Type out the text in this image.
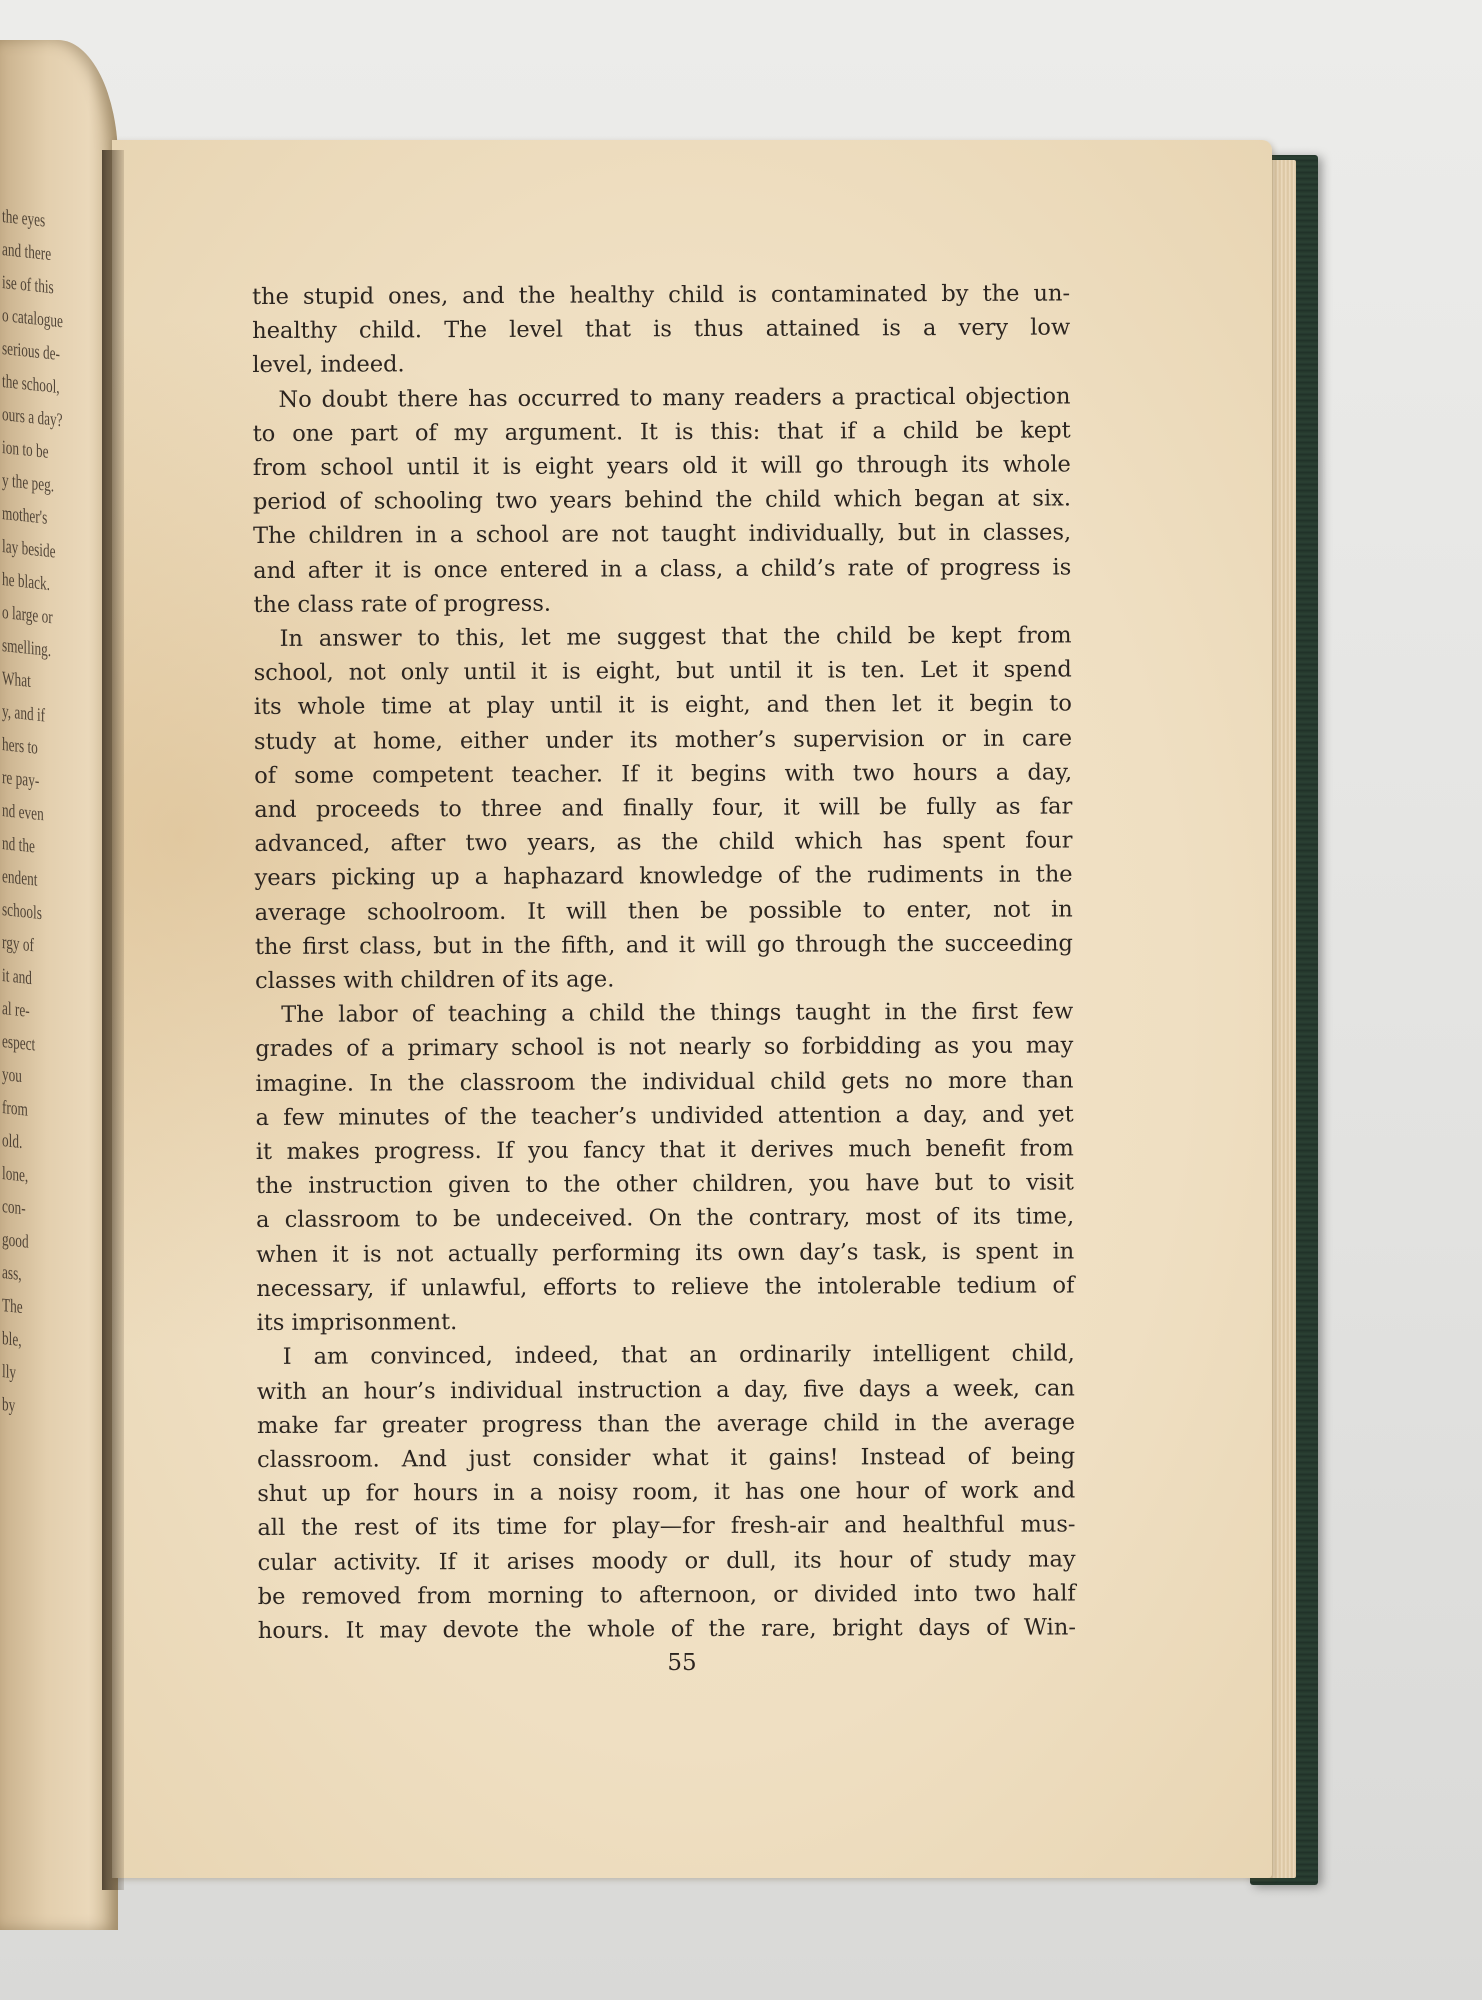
the eyes
and there
ise of this
o catalogue
serious de-
the school,
ours a day?
ion to be
y the peg.
mother's
lay beside
he black.
o large or
smelling.
What
y, and if
hers to
re pay-
nd even
nd the
endent
schools
rgy of
it and
al re-
espect
you
from
old.
lone,
con-
good
ass,
The
ble,
lly
by
the stupid ones, and the healthy child is contaminated by the un-
healthy child. The level that is thus attained is a very low
level, indeed.
No doubt there has occurred to many readers a practical objection
to one part of my argument. It is this: that if a child be kept
from school until it is eight years old it will go through its whole
period of schooling two years behind the child which began at six.
The children in a school are not taught individually, but in classes,
and after it is once entered in a class, a child’s rate of progress is
the class rate of progress.
In answer to this, let me suggest that the child be kept from
school, not only until it is eight, but until it is ten. Let it spend
its whole time at play until it is eight, and then let it begin to
study at home, either under its mother’s supervision or in care
of some competent teacher. If it begins with two hours a day,
and proceeds to three and finally four, it will be fully as far
advanced, after two years, as the child which has spent four
years picking up a haphazard knowledge of the rudiments in the
average schoolroom. It will then be possible to enter, not in
the first class, but in the fifth, and it will go through the succeeding
classes with children of its age.
The labor of teaching a child the things taught in the first few
grades of a primary school is not nearly so forbidding as you may
imagine. In the classroom the individual child gets no more than
a few minutes of the teacher’s undivided attention a day, and yet
it makes progress. If you fancy that it derives much benefit from
the instruction given to the other children, you have but to visit
a classroom to be undeceived. On the contrary, most of its time,
when it is not actually performing its own day’s task, is spent in
necessary, if unlawful, efforts to relieve the intolerable tedium of
its imprisonment.
I am convinced, indeed, that an ordinarily intelligent child,
with an hour’s individual instruction a day, five days a week, can
make far greater progress than the average child in the average
classroom. And just consider what it gains! Instead of being
shut up for hours in a noisy room, it has one hour of work and
all the rest of its time for play—for fresh-air and healthful mus-
cular activity. If it arises moody or dull, its hour of study may
be removed from morning to afternoon, or divided into two half
hours. It may devote the whole of the rare, bright days of Win-
55
